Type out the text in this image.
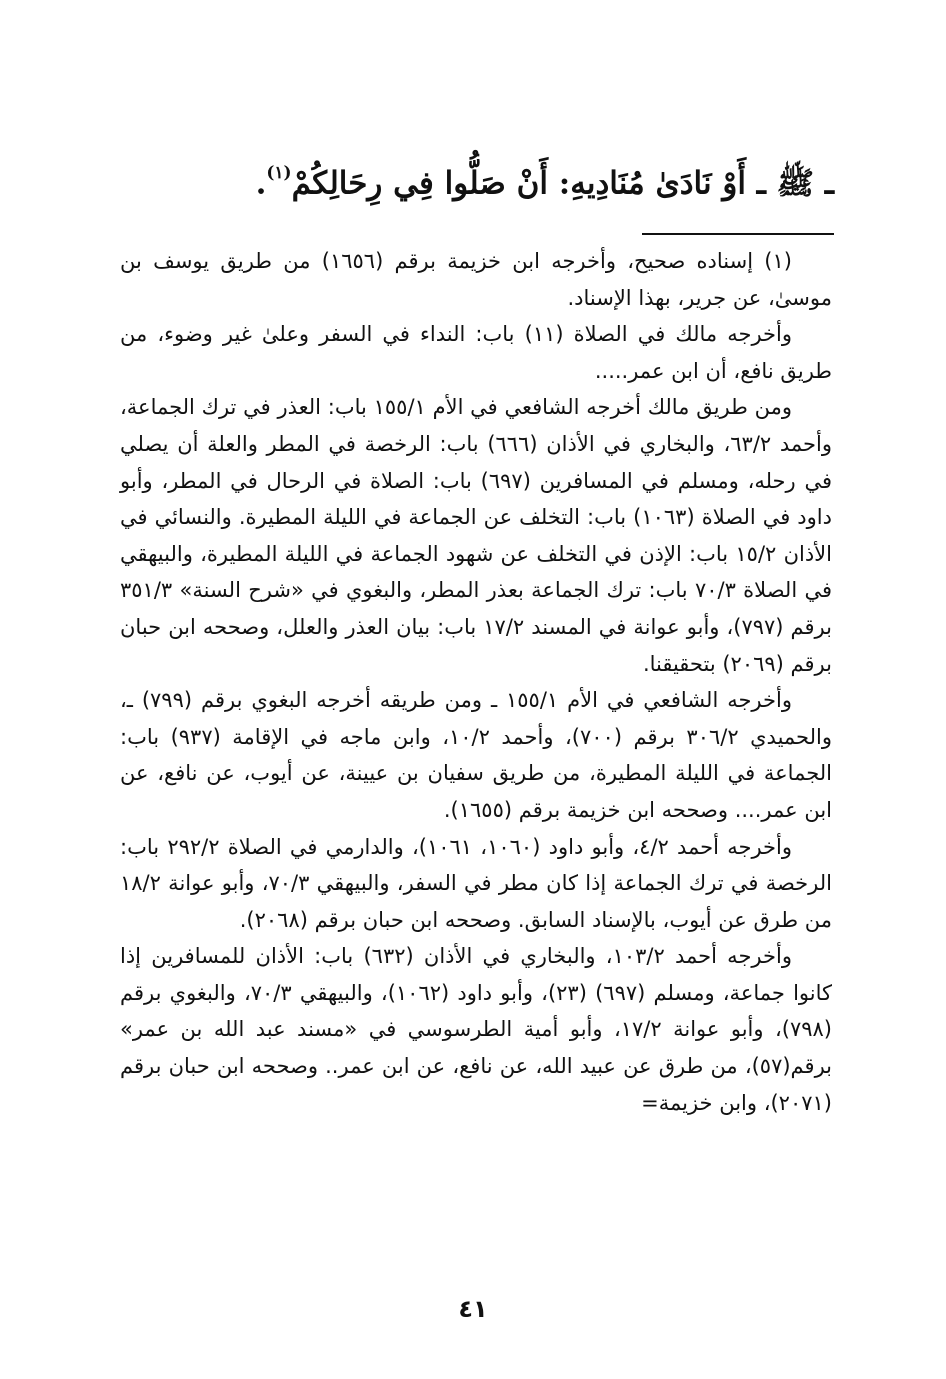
ـ ﷺ ـ أَوْ نَادَىٰ مُنَادِيهِ: أَنْ صَلُّوا فِي رِحَالِكُمْ$^{(١)}$.

(١) إسناده صحيح، وأخرجه ابن خزيمة برقم (١٦٥٦) من طريق يوسف بن موسىٰ، عن جرير، بهذا الإسناد.

وأخرجه مالك في الصلاة (١١) باب: النداء في السفر وعلىٰ غير وضوء، من طريق نافع، أن ابن عمر.....

ومن طريق مالك أخرجه الشافعي في الأم ١٥٥/١ باب: العذر في ترك الجماعة، وأحمد ٦٣/٢، والبخاري في الأذان (٦٦٦) باب: الرخصة في المطر والعلة أن يصلي في رحله، ومسلم في المسافرين (٦٩٧) باب: الصلاة في الرحال في المطر، وأبو داود في الصلاة (١٠٦٣) باب: التخلف عن الجماعة في الليلة المطيرة. والنسائي في الأذان ١٥/٢ باب: الإذن في التخلف عن شهود الجماعة في الليلة المطيرة، والبيهقي في الصلاة ٧٠/٣ باب: ترك الجماعة بعذر المطر، والبغوي في «شرح السنة» ٣٥١/٣ برقم (٧٩٧)، وأبو عوانة في المسند ١٧/٢ باب: بيان العذر والعلل، وصححه ابن حبان برقم (٢٠٦٩) بتحقيقنا.

وأخرجه الشافعي في الأم ١٥٥/١ ـ ومن طريقه أخرجه البغوي برقم (٧٩٩) ـ، والحميدي ٣٠٦/٢ برقم (٧٠٠)، وأحمد ١٠/٢، وابن ماجه في الإقامة (٩٣٧) باب: الجماعة في الليلة المطيرة، من طريق سفيان بن عيينة، عن أيوب، عن نافع، عن ابن عمر.... وصححه ابن خزيمة برقم (١٦٥٥).

وأخرجه أحمد ٤/٢، وأبو داود (١٠٦٠، ١٠٦١)، والدارمي في الصلاة ٢٩٢/٢ باب: الرخصة في ترك الجماعة إذا كان مطر في السفر، والبيهقي ٧٠/٣، وأبو عوانة ١٨/٢ من طرق عن أيوب، بالإسناد السابق. وصححه ابن حبان برقم (٢٠٦٨).

وأخرجه أحمد ١٠٣/٢، والبخاري في الأذان (٦٣٢) باب: الأذان للمسافرين إذا كانوا جماعة، ومسلم (٦٩٧) (٢٣)، وأبو داود (١٠٦٢)، والبيهقي ٧٠/٣، والبغوي برقم (٧٩٨)، وأبو عوانة ١٧/٢، وأبو أمية الطرسوسي في «مسند عبد الله بن عمر» برقم(٥٧)، من طرق عن عبيد الله، عن نافع، عن ابن عمر.. وصححه ابن حبان برقم (٢٠٧١)، وابن خزيمة=

٤١
